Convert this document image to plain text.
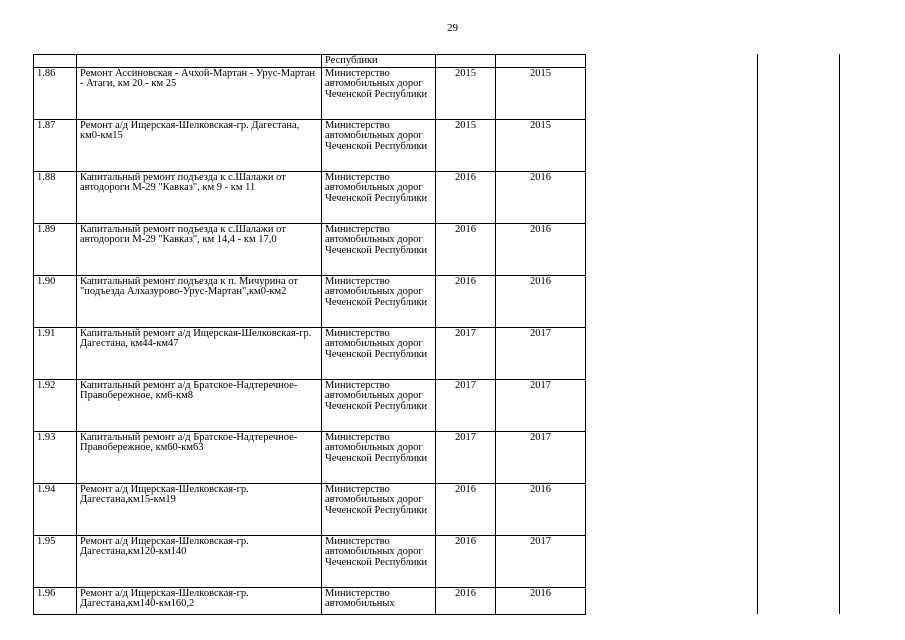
29
		Республики		
1.86	Ремонт Ассиновская - Ачхой-Мартан - Урус-Мартан - Атаги, км 20 - км 25	Министерство автомобильных дорог Чеченской Республики	2015	2015
1.87	Ремонт а/д Ищерская-Шелковская-гр. Дагестана, км0-км15	Министерство автомобильных дорог Чеченской Республики	2015	2015
1.88	Капитальный ремонт подъезда к с.Шалажи от автодороги М-29 "Кавказ", км 9 - км 11	Министерство автомобильных дорог Чеченской Республики	2016	2016
1.89	Капитальный ремонт подъезда к с.Шалажи от автодороги М-29 "Кавказ", км 14,4 - км 17,0	Министерство автомобильных дорог Чеченской Республики	2016	2016
1.90	Капитальный ремонт подъезда к п. Мичурина от "подъезда Алхазурово-Урус-Мартан",км0-км2	Министерство автомобильных дорог Чеченской Республики	2016	2016
1.91	Капитальный ремонт а/д Ищерская-Шелковская-гр. Дагестана, км44-км47	Министерство автомобильных дорог Чеченской Республики	2017	2017
1.92	Капитальный ремонт а/д Братское-Надтеречное-Правобережное, км6-км8	Министерство автомобильных дорог Чеченской Республики	2017	2017
1.93	Капитальный ремонт а/д Братское-Надтеречное-Правобережное, км60-км63	Министерство автомобильных дорог Чеченской Республики	2017	2017
1.94	Ремонт а/д Ищерская-Шелковская-гр. Дагестана,км15-км19	Министерство автомобильных дорог Чеченской Республики	2016	2016
1.95	Ремонт а/д Ищерская-Шелковская-гр. Дагестана,км120-км140	Министерство автомобильных дорог Чеченской Республики	2016	2017
1.96	Ремонт а/д Ищерская-Шелковская-гр. Дагестана,км140-км160,2	Министерство автомобильных	2016	2016
